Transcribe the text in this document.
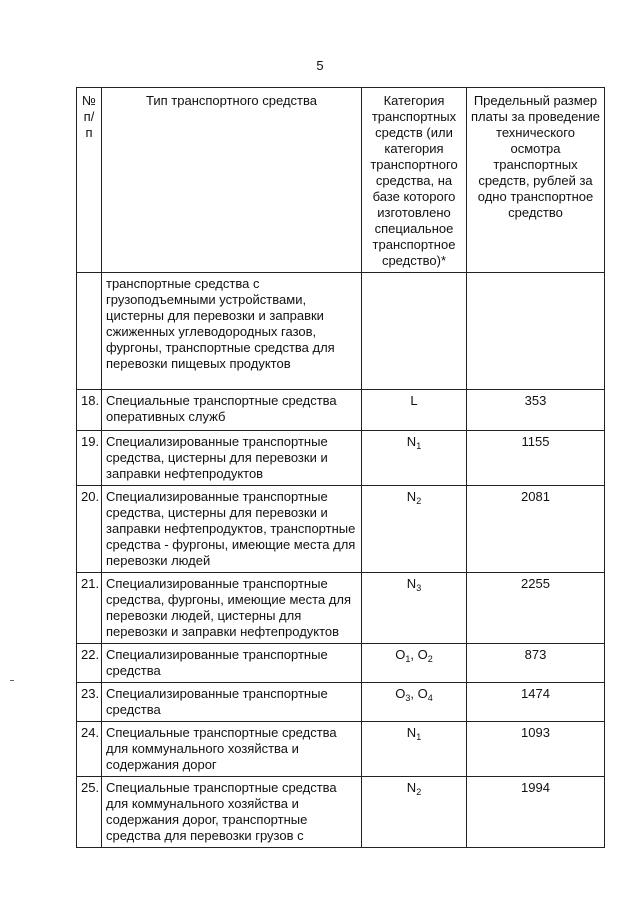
5
№ п/п	Тип транспортного средства	Категория транспортных средств (или категория транспортного средства, на базе которого изготовлено специальное транспортное средство)*	Предельный размер платы за проведение технического осмотра транспортных средств, рублей за одно транспортное средство
	транспортные средства с грузоподъемными устройствами, цистерны для перевозки и заправки сжиженных углеводородных газов, фургоны, транспортные средства для перевозки пищевых продуктов		
18.	Специальные транспортные средства оперативных служб	L	353
19.	Специализированные транспортные средства, цистерны для перевозки и заправки нефтепродуктов	$N_1$	1155
20.	Специализированные транспортные средства, цистерны для перевозки и заправки нефтепродуктов, транспортные средства - фургоны, имеющие места для перевозки людей	$N_2$	2081
21.	Специализированные транспортные средства, фургоны, имеющие места для перевозки людей, цистерны для перевозки и заправки нефтепродуктов	$N_3$	2255
22.	Специализированные транспортные средства	$O_1$, $O_2$	873
23.	Специализированные транспортные средства	$O_3$, $O_4$	1474
24.	Специальные транспортные средства для коммунального хозяйства и содержания дорог	$N_1$	1093
25.	Специальные транспортные средства для коммунального хозяйства и содержания дорог, транспортные средства для перевозки грузов с	$N_2$	1994
